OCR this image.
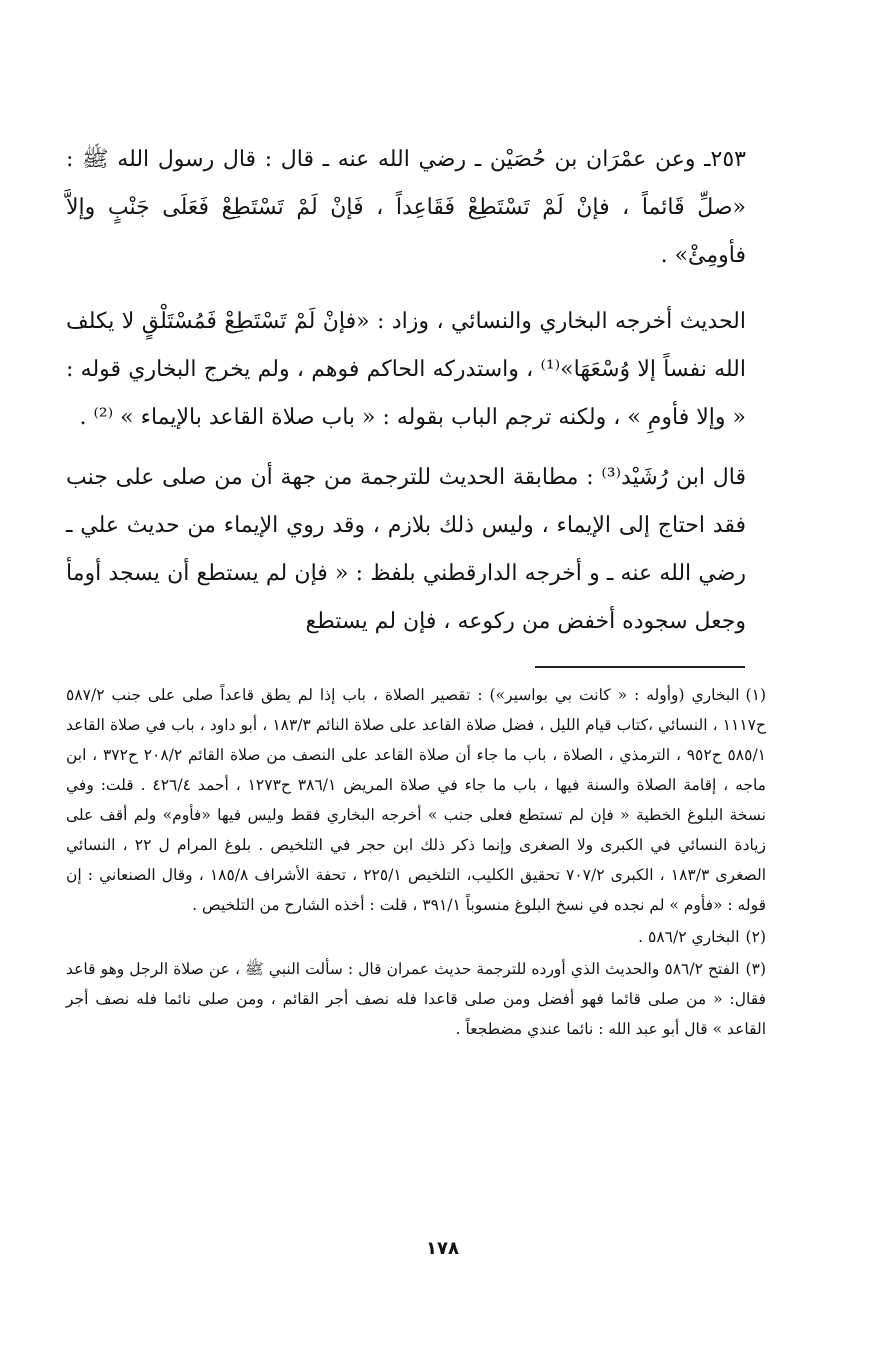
٢٥٣ـ وعن عمْرَان بن حُصَيْن ـ رضي الله عنه ـ قال : قال رسول الله ﷺ : «صلِّ قَائماً ، فإنْ لَمْ تَسْتَطِعْ فَقَاعِداً ، فَإنْ لَمْ تَسْتَطِعْ فَعَلَى جَنْبٍ وإلاَّ فأومِئْ» .

الحديث أخرجه البخاري والنسائي ، وزاد : «فإنْ لَمْ تَسْتَطِعْ فَمُسْتَلْقٍ لا يكلف الله نفساً إلا وُسْعَهَا»⁽¹⁾ ، واستدركه الحاكم فوهم ، ولم يخرج البخاري قوله : « وإلا فأومِ » ، ولكنه ترجم الباب بقوله : « باب صلاة القاعد بالإيماء » ⁽²⁾ .

قال ابن رُشَيْد⁽³⁾ : مطابقة الحديث للترجمة من جهة أن من صلى على جنب فقد احتاج إلى الإيماء ، وليس ذلك بلازم ، وقد روي الإيماء من حديث علي ـ رضي الله عنه ـ و أخرجه الدارقطني بلفظ : « فإن لم يستطع أن يسجد أومأ وجعل سجوده أخفض من ركوعه ، فإن لم يستطع

(١)البخاري (وأوله : « كانت بي بواسير») : تقصير الصلاة ، باب إذا لم يطق قاعداً صلى على جنب ٥٨٧/٢ ح١١١٧ ، النسائي ،كتاب قيام الليل ، فضل صلاة القاعد على صلاة النائم ١٨٣/٣ ، أبو داود ، باب في صلاة القاعد ٥٨٥/١ ح٩٥٢ ، الترمذي ، الصلاة ، باب ما جاء أن صلاة القاعد على النصف من صلاة القائم ٢٠٨/٢ ح٣٧٢ ، ابن ماجه ، إقامة الصلاة والسنة فيها ، باب ما جاء في صلاة المريض ٣٨٦/١ ح١٢٧٣ ، أحمد ٤٢٦/٤ . قلت: وفي نسخة البلوغ الخطية « فإن لم تستطع فعلى جنب » أخرجه البخاري فقط وليس فيها «فأوم» ولم أقف على زيادة النسائي في الكبرى ولا الصغرى وإنما ذكر ذلك ابن حجر في التلخيص . بلوغ المرام ل ٢٢ ، النسائي الصغرى ١٨٣/٣ ، الكبرى ٧٠٧/٢ تحقيق الكليب، التلخيص ٢٢٥/١ ، تحفة الأشراف ١٨٥/٨ ، وقال الصنعاني : إن قوله : «فأوم » لم نجده في نسخ البلوغ منسوباً ٣٩١/١ ، قلت : أخذه الشارح من التلخيص .

(٢)البخاري ٥٨٦/٢ .

(٣)الفتح ٥٨٦/٢ والحديث الذي أورده للترجمة حديث عمران قال : سألت النبي ﷺ ، عن صلاة الرجل وهو قاعد فقال: « من صلى قائما فهو أفضل ومن صلى قاعدا فله نصف أجر القائم ، ومن صلى نائما فله نصف أجر القاعد » قال أبو عبد الله : نائما عندي مضطجعاً .

١٧٨
